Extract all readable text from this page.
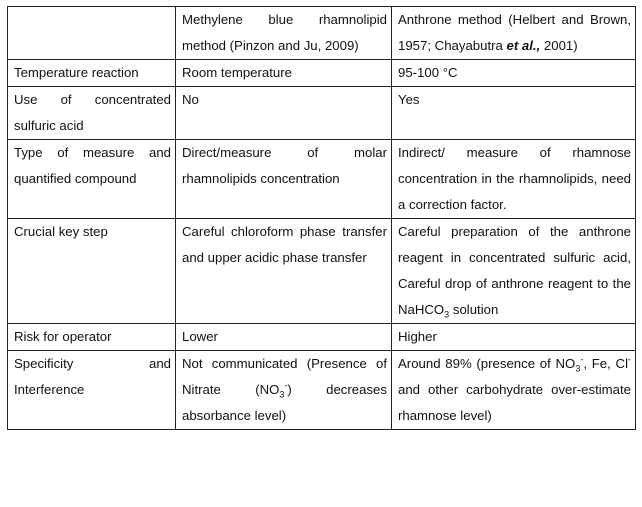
	Methylene blue rhamnolipid method (Pinzon and Ju, 2009)	Anthrone method (Helbert and Brown, 1957; Chayabutra et al., 2001)
Temperature reaction	Room temperature	95-100 °C
Use of concentrated sulfuric acid	No	Yes
Type of measure and quantified compound	Direct/measure of molar rhamnolipids concentration	Indirect/ measure of rhamnose concentration in the rhamnolipids, need a correction factor.
Crucial key step	Careful chloroform phase transfer and upper acidic phase transfer	Careful preparation of the anthrone reagent in concentrated sulfuric acid, Careful drop of anthrone reagent to the NaHCO$_3$ solution
Risk for operator	Lower	Higher
Specificity and Interference	Not communicated (Presence of Nitrate $(NO_3^-)$ decreases absorbance level)	Around 89% (presence of $NO_3^-$, Fe, Cl- and other carbohydrate over-estimate rhamnose level)
